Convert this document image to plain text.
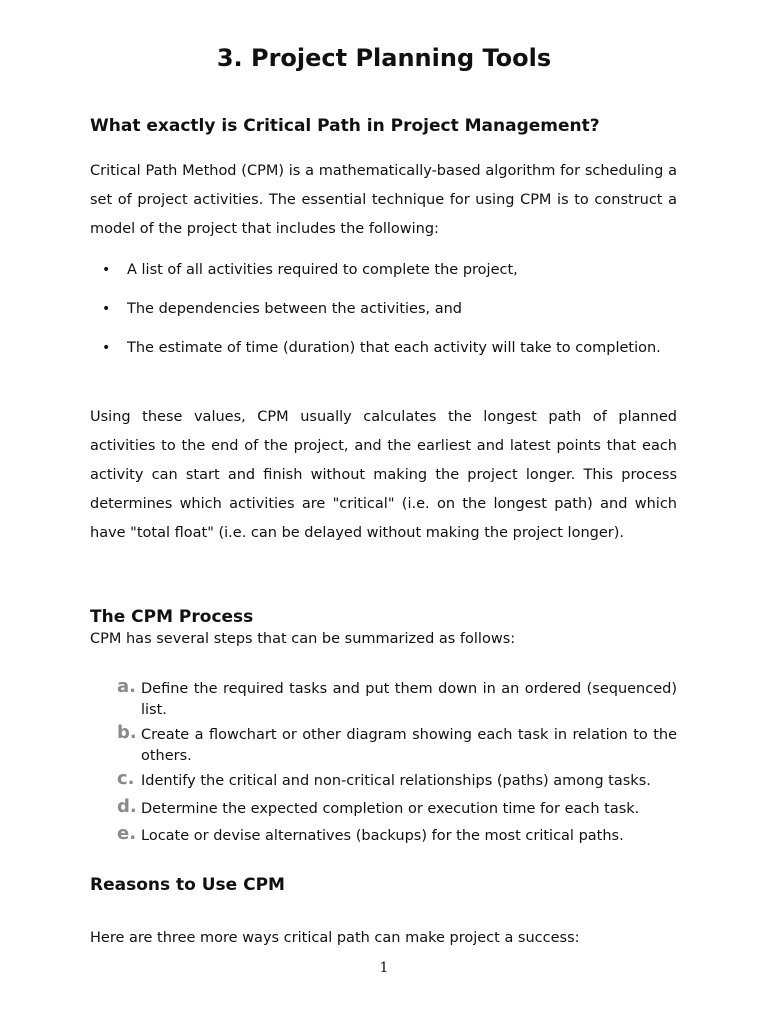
3. Project Planning Tools
What exactly is Critical Path in Project Management?

Critical Path Method (CPM) is a mathematically-based algorithm for scheduling a set of project activities. The essential technique for using CPM is to construct a model of the project that includes the following:

• A list of all activities required to complete the project,
• The dependencies between the activities, and
• The estimate of time (duration) that each activity will take to completion.

Using these values, CPM usually calculates the longest path of planned activities to the end of the project, and the earliest and latest points that each activity can start and finish without making the project longer. This process determines which activities are "critical" (i.e. on the longest path) and which have "total float" (i.e. can be delayed without making the project longer).

The CPM Process

CPM has several steps that can be summarized as follows:

a. Define the required tasks and put them down in an ordered (sequenced) list.
b. Create a flowchart or other diagram showing each task in relation to the others.
c. Identify the critical and non-critical relationships (paths) among tasks.
d. Determine the expected completion or execution time for each task.
e. Locate or devise alternatives (backups) for the most critical paths.
Reasons to Use CPM

Here are three more ways critical path can make project a success:

1
